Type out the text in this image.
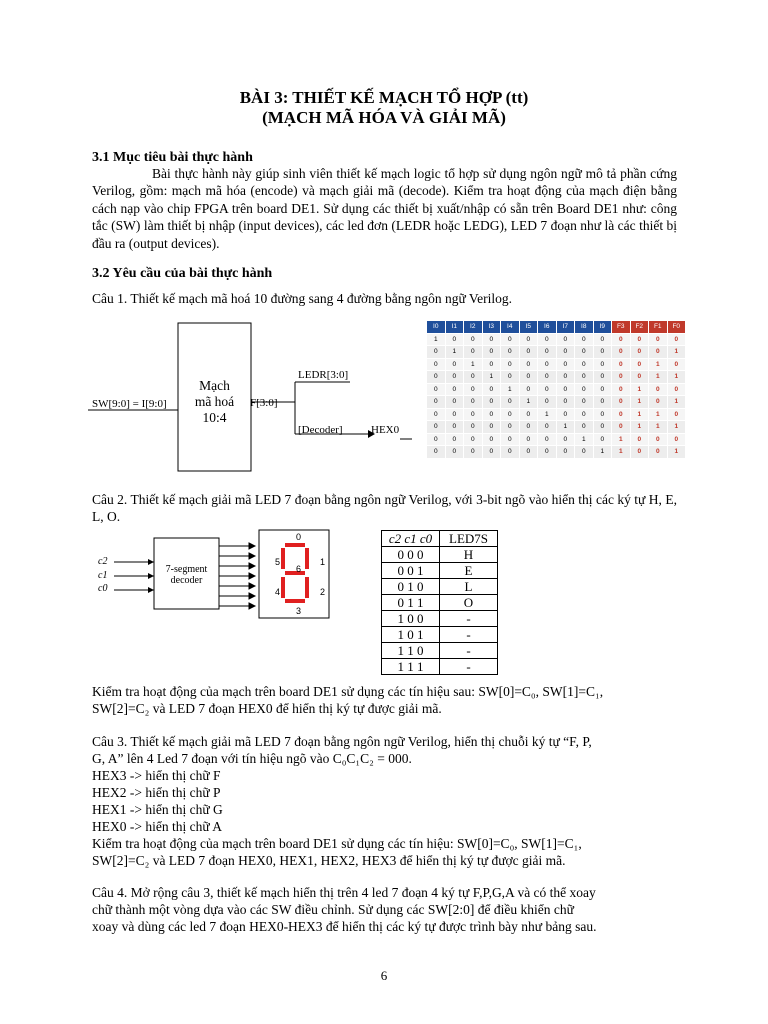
BÀI 3: THIẾT KẾ MẠCH TỔ HỢP (tt)
(MẠCH MÃ HÓA VÀ GIẢI MÃ)
3.1 Mục tiêu bài thực hành
Bài thực hành này giúp sinh viên thiết kế mạch logic tổ hợp sử dụng ngôn ngữ mô tả phần cứng Verilog, gồm: mạch mã hóa (encode) và mạch giải mã (decode). Kiểm tra hoạt động của mạch điện bằng cách nạp vào chip FPGA trên board DE1. Sử dụng các thiết bị xuất/nhập có sẵn trên Board DE1 như: công tắc (SW) làm thiết bị nhập (input devices), các led đơn (LEDR hoặc LEDG), LED 7 đoạn như là các thiết bị đầu ra (output devices).
3.2 Yêu cầu của bài thực hành
Câu 1. Thiết kế mạch mã hoá 10 đường sang 4 đường bằng ngôn ngữ Verilog.
SW[9:0] = I[9:0]
Mạch
mã hoá
10:4
F[3:0]
LEDR[3:0]
[Decoder]	HEX0
I0	I1	I2	I3	I4	I5	I6	I7	I8	I9	F3	F2	F1	F0
1	0	0	0	0	0	0	0	0	0	0	0	0	0
0	1	0	0	0	0	0	0	0	0	0	0	0	1
0	0	1	0	0	0	0	0	0	0	0	0	1	0
0	0	0	1	0	0	0	0	0	0	0	0	1	1
0	0	0	0	1	0	0	0	0	0	0	1	0	0
0	0	0	0	0	1	0	0	0	0	0	1	0	1
0	0	0	0	0	0	1	0	0	0	0	1	1	0
0	0	0	0	0	0	0	1	0	0	0	1	1	1
0	0	0	0	0	0	0	0	1	0	1	0	0	0
0	0	0	0	0	0	0	0	0	1	1	0	0	1
Câu 2. Thiết kế mạch giải mã LED 7 đoạn bằng ngôn ngữ Verilog, với 3-bit ngõ vào hiển thị các ký tự H, E, L, O.
c2
c1
c0
7-segment
decoder
0
1
2
3
4
5
6
c2 c1 c0	LED7S
0 0 0	H
0 0 1	E
0 1 0	L
0 1 1	O
1 0 0	-
1 0 1	-
1 1 0	-
1 1 1	-
Kiểm tra hoạt động của mạch trên board DE1 sử dụng các tín hiệu sau: SW[0]=C₀, SW[1]=C₁,
SW[2]=C₂ và LED 7 đoạn HEX0 để hiển thị ký tự được giải mã.
Câu 3. Thiết kế mạch giải mã LED 7 đoạn bằng ngôn ngữ Verilog, hiển thị chuỗi ký tự “F, P,
G, A” lên 4 Led 7 đoạn với tín hiệu ngõ vào C₀C₁C₂ = 000.
HEX3 -> hiển thị chữ F
HEX2 -> hiển thị chữ P
HEX1 -> hiển thị chữ G
HEX0 -> hiển thị chữ A
Kiểm tra hoạt động của mạch trên board DE1 sử dụng các tín hiệu: SW[0]=C₀, SW[1]=C₁,
SW[2]=C₂ và LED 7 đoạn HEX0, HEX1, HEX2, HEX3 để hiển thị ký tự được giải mã.
Câu 4. Mở rộng câu 3, thiết kế mạch hiển thị trên 4 led 7 đoạn 4 ký tự F,P,G,A và có thể xoay
chữ thành một vòng dựa vào các SW điều chỉnh. Sử dụng các SW[2:0] để điều khiển chữ
xoay và dùng các led 7 đoạn HEX0-HEX3 để hiển thị các ký tự được trình bày như bảng sau.
6
